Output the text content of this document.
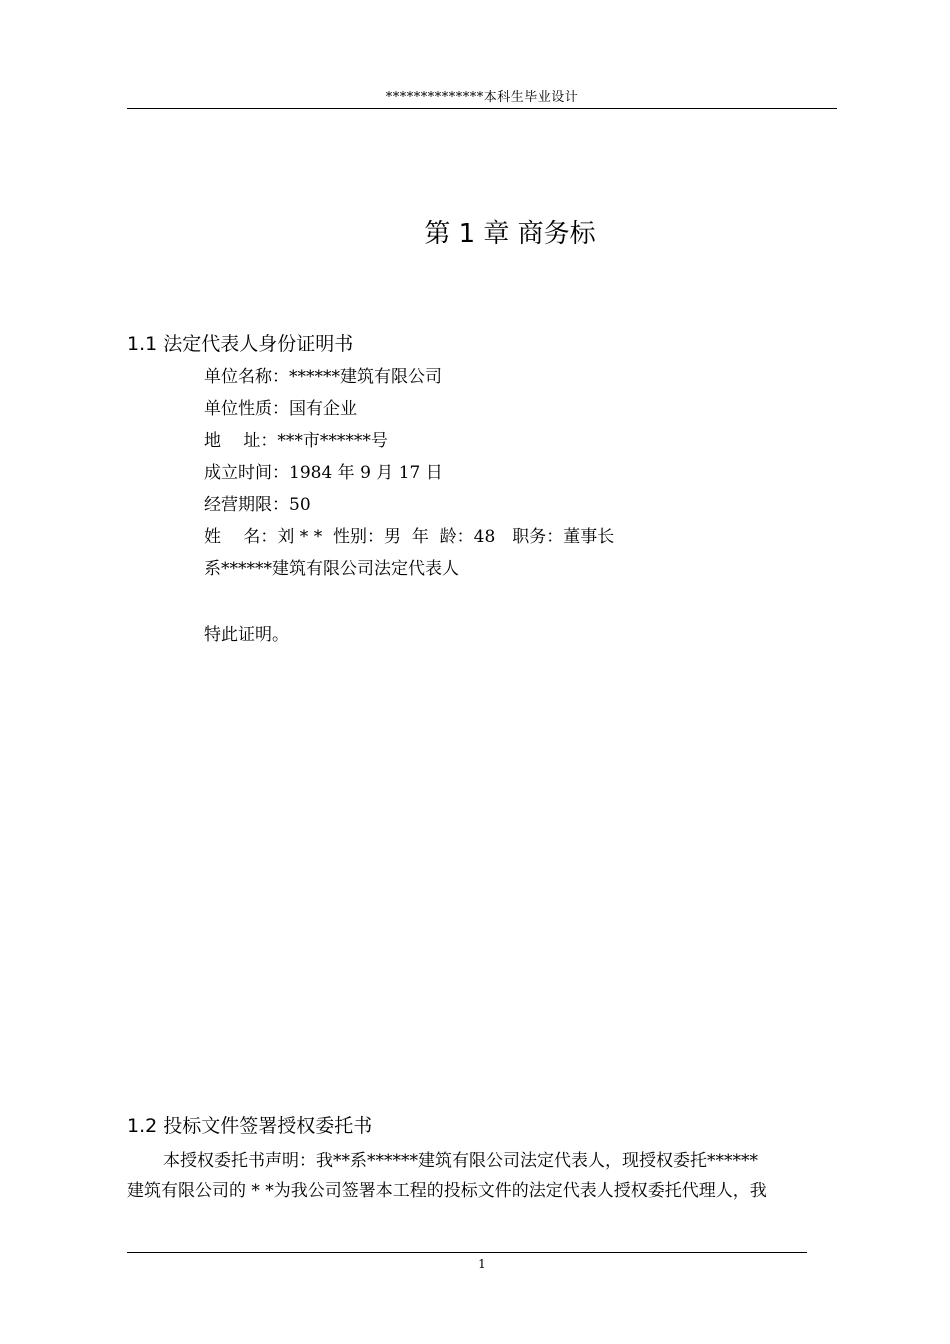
**************本科生毕业设计
第 1 章 商务标
1.1 法定代表人身份证明书
单位名称：******建筑有限公司
单位性质：国有企业
地　 址：***市******号
成立时间：1984 年 9 月 17 日
经营期限：50
姓　 名：刘 * *  性别：男  年  龄：48　职务：董事长
系******建筑有限公司法定代表人
特此证明。
1.2 投标文件签署授权委托书
本授权委托书声明：我**系******建筑有限公司法定代表人，现授权委托******
建筑有限公司的 * *为我公司签署本工程的投标文件的法定代表人授权委托代理人，我
1
